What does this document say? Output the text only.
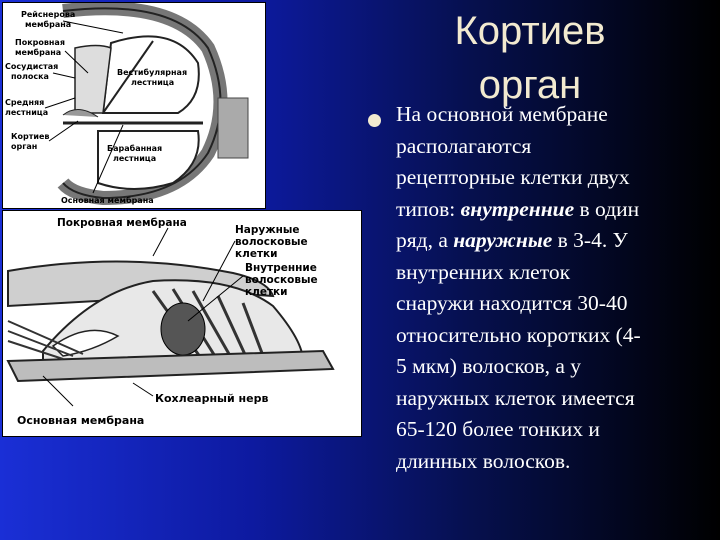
Кортиев
орган
На основной мембране
располагаются
рецепторные клетки двух
типов: внутренние в один
ряд, а наружные в 3-4. У
внутренних клеток
снаружи находится 30-40
относительно коротких (4-
5 мкм) волосков, а у
наружных клеток имеется
65-120 более тонких и
длинных волосков.
Рейснерова
мембрана
Покровная
мембрана
Сосудистая
полоска	Вестибулярная
лестница
Средняя
лестница
Кортиев
орган	Барабанная
лестница
Основная мембрана
Покровная мембрана
Наружные
волосковые
клетки
Внутренние
волосковые
клетки
Кохлеарный нерв
Основная мембрана
